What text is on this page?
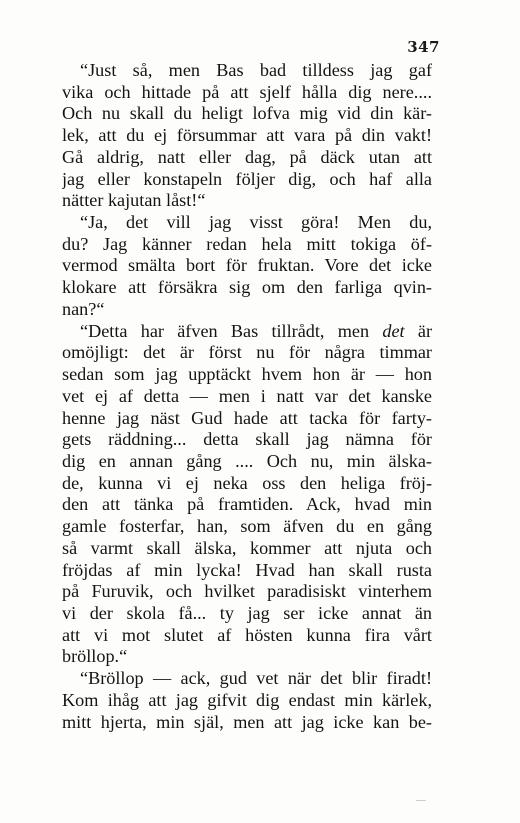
347
“Just så, men Bas bad tilldess jag gaf
vika och hittade på att sjelf hålla dig nere....
Och nu skall du heligt lofva mig vid din kär-
lek, att du ej försummar att vara på din vakt!
Gå aldrig, natt eller dag, på däck utan att
jag eller konstapeln följer dig, och haf alla
nätter kajutan låst!“
“Ja, det vill jag visst göra! Men du,
du? Jag känner redan hela mitt tokiga öf-
vermod smälta bort för fruktan. Vore det icke
klokare att försäkra sig om den farliga qvin-
nan?“
“Detta har äfven Bas tillrådt, men det är
omöjligt: det är först nu för några timmar
sedan som jag upptäckt hvem hon är — hon
vet ej af detta — men i natt var det kanske
henne jag näst Gud hade att tacka för farty-
gets räddning... detta skall jag nämna för
dig en annan gång .... Och nu, min älska-
de, kunna vi ej neka oss den heliga fröj-
den att tänka på framtiden. Ack, hvad min
gamle fosterfar, han, som äfven du en gång
så varmt skall älska, kommer att njuta och
fröjdas af min lycka! Hvad han skall rusta
på Furuvik, och hvilket paradisiskt vinterhem
vi der skola få... ty jag ser icke annat än
att vi mot slutet af hösten kunna fira vårt
bröllop.“
“Bröllop — ack, gud vet när det blir firadt!
Kom ihåg att jag gifvit dig endast min kärlek,
mitt hjerta, min själ, men att jag icke kan be-
